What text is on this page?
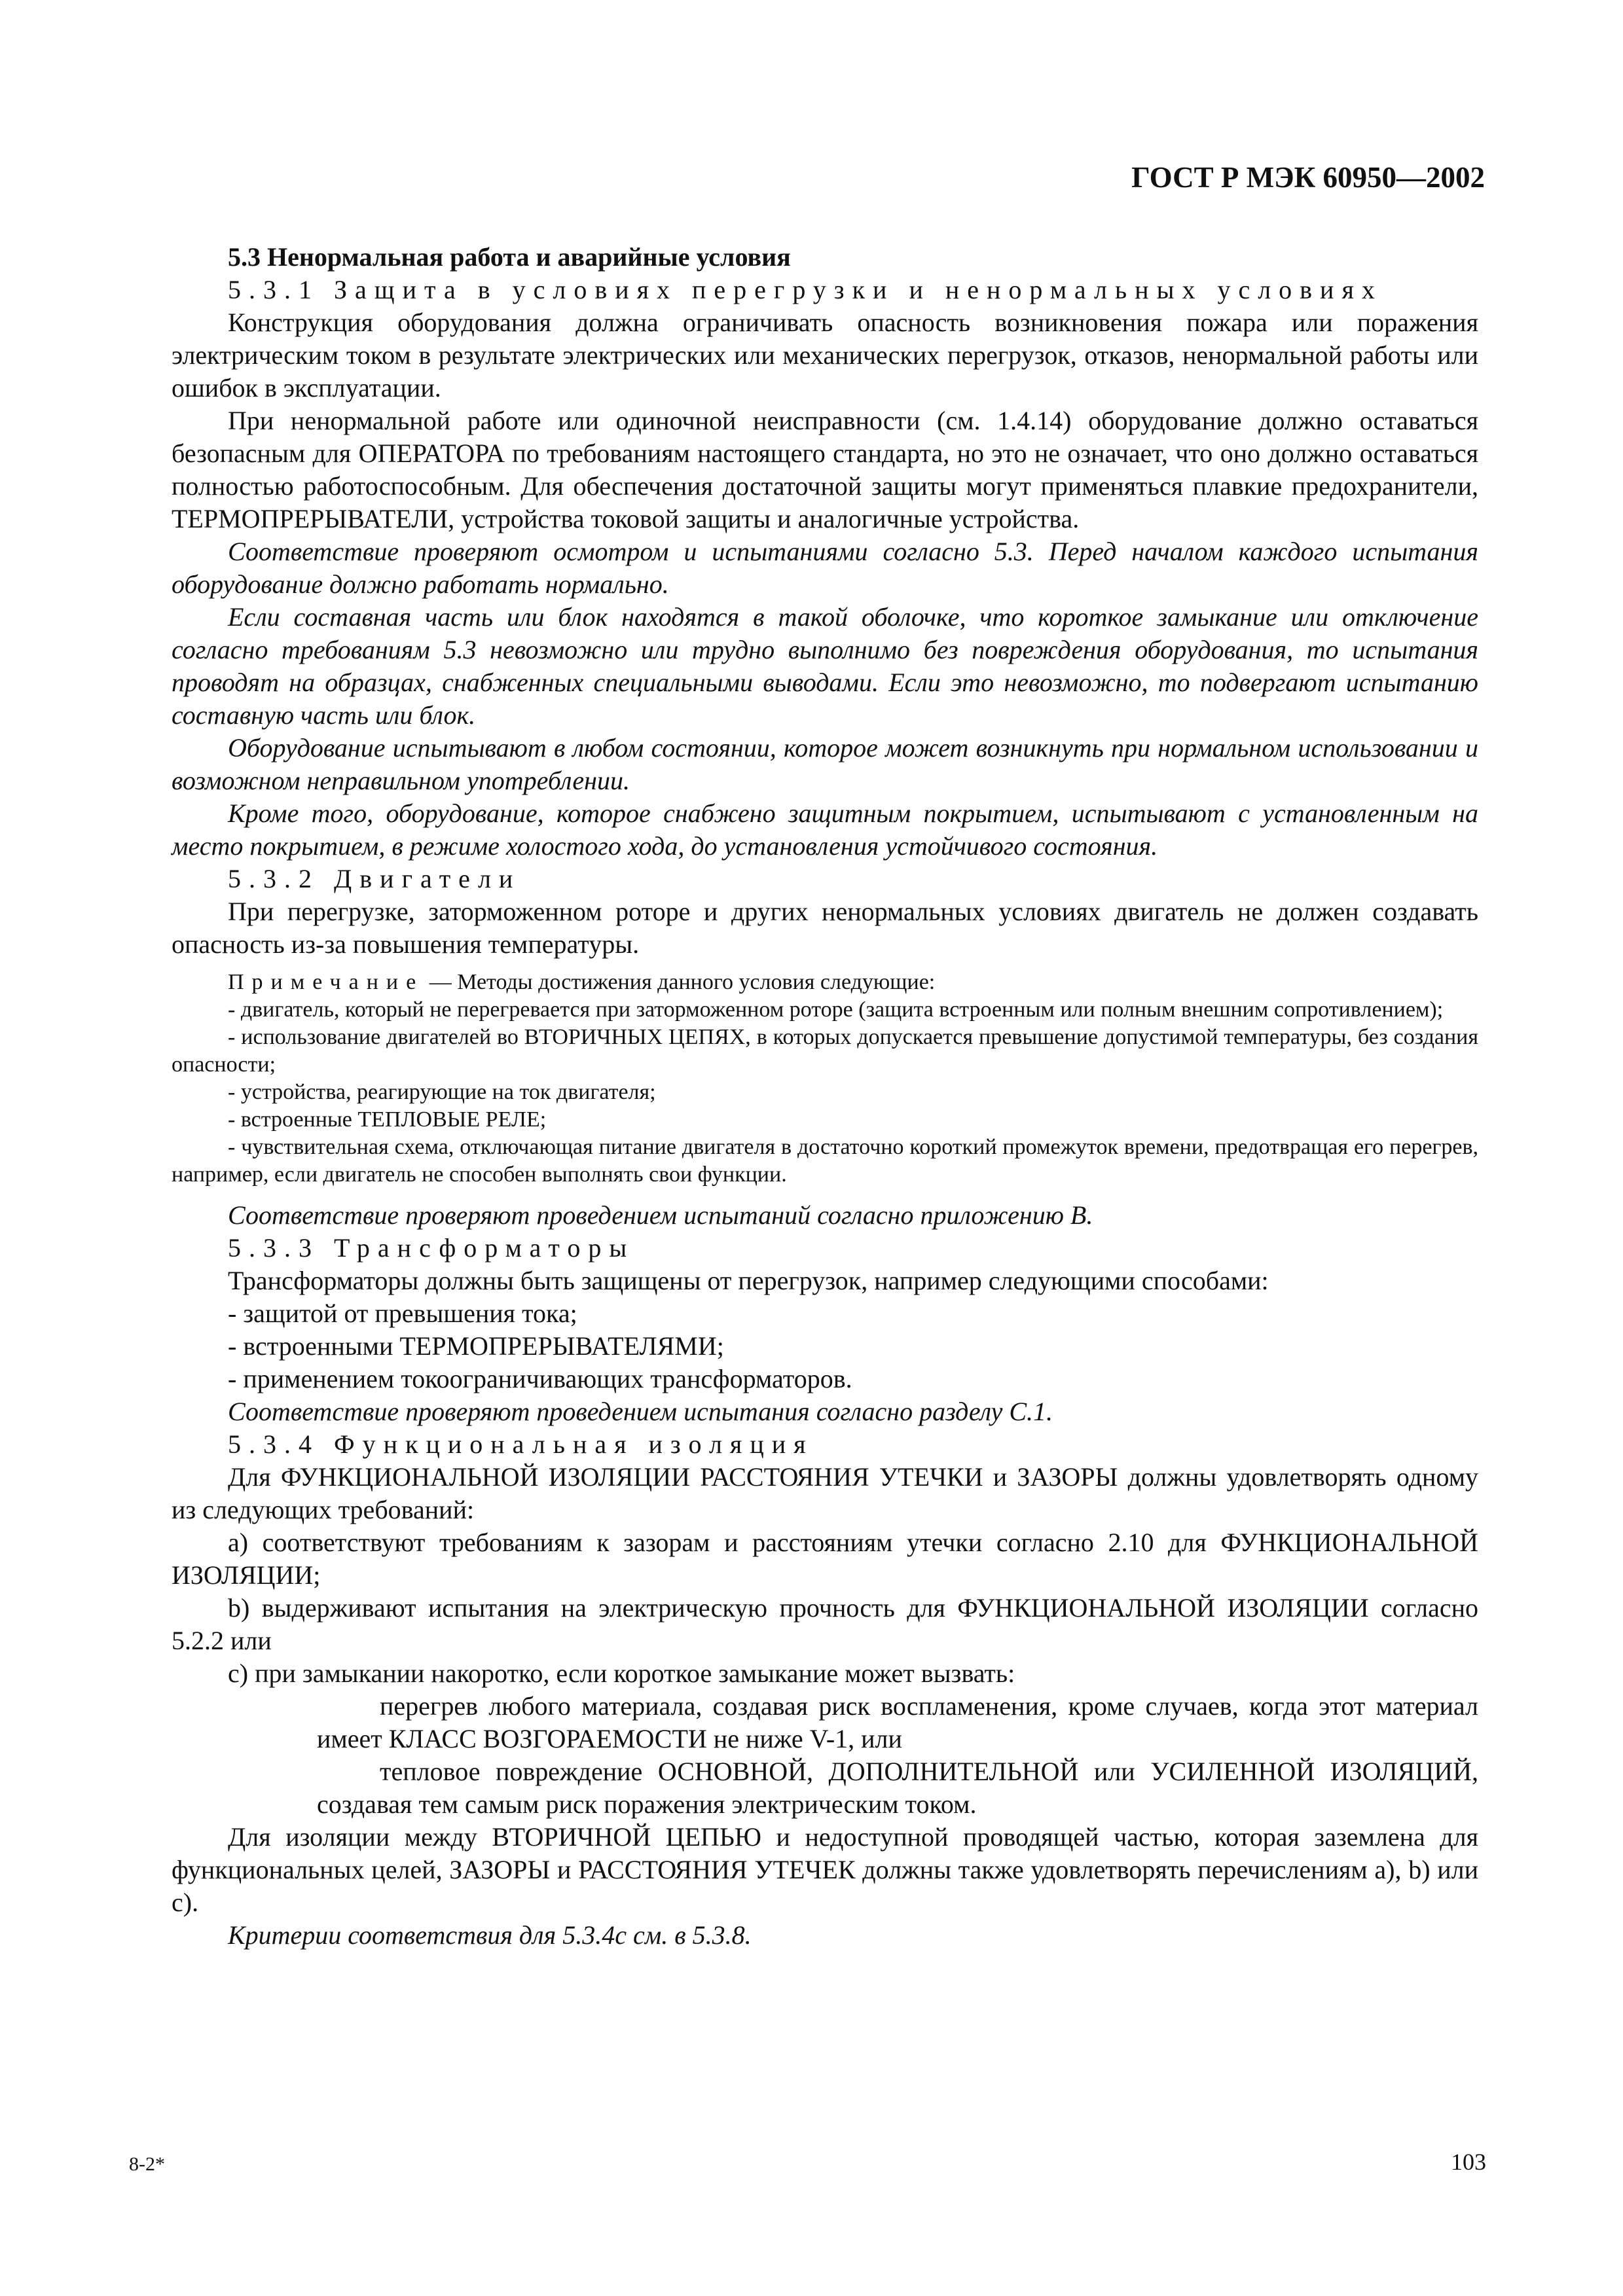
ГОСТ Р МЭК 60950—2002

5.3 Ненормальная работа и аварийные условия

5.3.1 Защита в условиях перегрузки и ненормальных условиях

Конструкция оборудования должна ограничивать опасность возникновения пожара или поражения электрическим током в результате электрических или механических перегрузок, отказов, ненормальной работы или ошибок в эксплуатации.

При ненормальной работе или одиночной неисправности (см. 1.4.14) оборудование должно оставаться безопасным для ОПЕРАТОРА по требованиям настоящего стандарта, но это не означает, что оно должно оставаться полностью работоспособным. Для обеспечения достаточной защиты могут применяться плавкие предохранители, ТЕРМОПРЕРЫВАТЕЛИ, устройства токовой защиты и аналогичные устройства.

Соответствие проверяют осмотром и испытаниями согласно 5.3. Перед началом каждого испытания оборудование должно работать нормально.

Если составная часть или блок находятся в такой оболочке, что короткое замыкание или отключение согласно требованиям 5.3 невозможно или трудно выполнимо без повреждения оборудования, то испытания проводят на образцах, снабженных специальными выводами. Если это невозможно, то подвергают испытанию составную часть или блок.

Оборудование испытывают в любом состоянии, которое может возникнуть при нормальном использовании и возможном неправильном употреблении.

Кроме того, оборудование, которое снабжено защитным покрытием, испытывают с установленным на место покрытием, в режиме холостого хода, до установления устойчивого состояния.

5.3.2 Двигатели

При перегрузке, заторможенном роторе и других ненормальных условиях двигатель не должен создавать опасность из-за повышения температуры.

Примечание — Методы достижения данного условия следующие:

- двигатель, который не перегревается при заторможенном роторе (защита встроенным или полным внешним сопротивлением);

- использование двигателей во ВТОРИЧНЫХ ЦЕПЯХ, в которых допускается превышение допустимой температуры, без создания опасности;

- устройства, реагирующие на ток двигателя;

- встроенные ТЕПЛОВЫЕ РЕЛЕ;

- чувствительная схема, отключающая питание двигателя в достаточно короткий промежуток времени, предотвращая его перегрев, например, если двигатель не способен выполнять свои функции.

Соответствие проверяют проведением испытаний согласно приложению В.

5.3.3 Трансформаторы

Трансформаторы должны быть защищены от перегрузок, например следующими способами:

- защитой от превышения тока;

- встроенными ТЕРМОПРЕРЫВАТЕЛЯМИ;

- применением токоограничивающих трансформаторов.

Соответствие проверяют проведением испытания согласно разделу С.1.

5.3.4 Функциональная изоляция

Для ФУНКЦИОНАЛЬНОЙ ИЗОЛЯЦИИ РАССТОЯНИЯ УТЕЧКИ и ЗАЗОРЫ должны удовлетворять одному из следующих требований:

а) соответствуют требованиям к зазорам и расстояниям утечки согласно 2.10 для ФУНКЦИОНАЛЬНОЙ ИЗОЛЯЦИИ;

b) выдерживают испытания на электрическую прочность для ФУНКЦИОНАЛЬНОЙ ИЗОЛЯЦИИ согласно 5.2.2 или

с) при замыкании накоротко, если короткое замыкание может вызвать:

перегрев любого материала, создавая риск воспламенения, кроме случаев, когда этот материал имеет КЛАСС ВОЗГОРАЕМОСТИ не ниже V-1, или

тепловое повреждение ОСНОВНОЙ, ДОПОЛНИТЕЛЬНОЙ или УСИЛЕННОЙ ИЗОЛЯЦИЙ, создавая тем самым риск поражения электрическим током.

Для изоляции между ВТОРИЧНОЙ ЦЕПЬЮ и недоступной проводящей частью, которая заземлена для функциональных целей, ЗАЗОРЫ и РАССТОЯНИЯ УТЕЧЕК должны также удовлетворять перечислениям а), b) или с).

Критерии соответствия для 5.3.4с см. в 5.3.8.

8-2*	103
